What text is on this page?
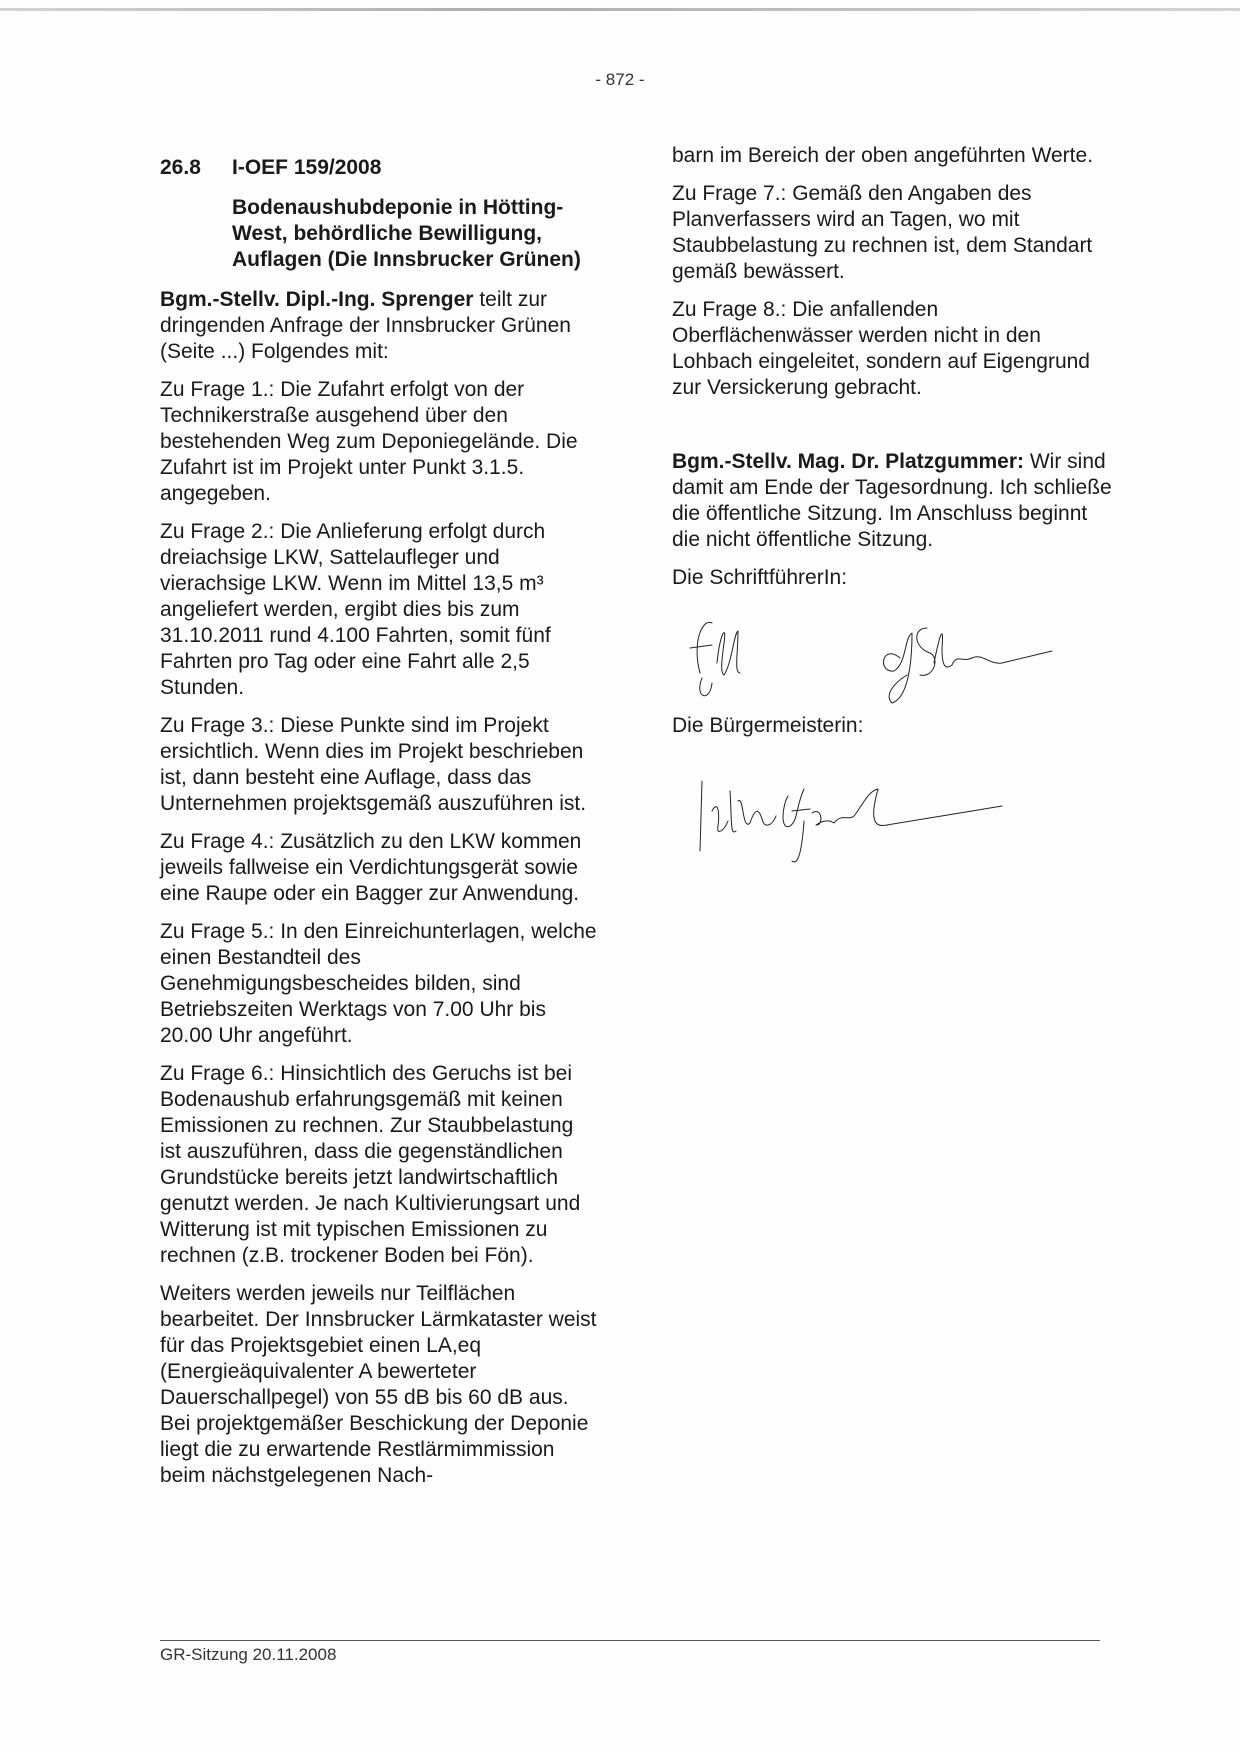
- 872 -
26.8 I-OEF 159/2008
Bodenaushubdeponie in Hötting-West, behördliche Bewilligung, Auflagen (Die Innsbrucker Grünen)

Bgm.-Stellv. Dipl.-Ing. Sprenger teilt zur dringenden Anfrage der Innsbrucker Grünen (Seite ...) Folgendes mit:

Zu Frage 1.: Die Zufahrt erfolgt von der Technikerstraße ausgehend über den bestehenden Weg zum Deponiegelände. Die Zufahrt ist im Projekt unter Punkt 3.1.5. angegeben.

Zu Frage 2.: Die Anlieferung erfolgt durch dreiachsige LKW, Sattelaufleger und vierachsige LKW. Wenn im Mittel 13,5 m³ angeliefert werden, ergibt dies bis zum 31.10.2011 rund 4.100 Fahrten, somit fünf Fahrten pro Tag oder eine Fahrt alle 2,5 Stunden.

Zu Frage 3.: Diese Punkte sind im Projekt ersichtlich. Wenn dies im Projekt beschrieben ist, dann besteht eine Auflage, dass das Unternehmen projektsgemäß auszuführen ist.

Zu Frage 4.: Zusätzlich zu den LKW kommen jeweils fallweise ein Verdichtungsgerät sowie eine Raupe oder ein Bagger zur Anwendung.

Zu Frage 5.: In den Einreichunterlagen, welche einen Bestandteil des Genehmigungsbescheides bilden, sind Betriebszeiten Werktags von 7.00 Uhr bis 20.00 Uhr angeführt.

Zu Frage 6.: Hinsichtlich des Geruchs ist bei Bodenaushub erfahrungsgemäß mit keinen Emissionen zu rechnen. Zur Staubbelastung ist auszuführen, dass die gegenständlichen Grundstücke bereits jetzt landwirtschaftlich genutzt werden. Je nach Kultivierungsart und Witterung ist mit typischen Emissionen zu rechnen (z.B. trockener Boden bei Fön).

Weiters werden jeweils nur Teilflächen bearbeitet. Der Innsbrucker Lärmkataster weist für das Projektsgebiet einen LA,eq (Energieäquivalenter A bewerteter Dauerschallpegel) von 55 dB bis 60 dB aus. Bei projektgemäßer Beschickung der Deponie liegt die zu erwartende Restlärmimmission beim nächstgelegenen Nach-

barn im Bereich der oben angeführten Werte.

Zu Frage 7.: Gemäß den Angaben des Planverfassers wird an Tagen, wo mit Staubbelastung zu rechnen ist, dem Standart gemäß bewässert.

Zu Frage 8.: Die anfallenden Oberflächenwässer werden nicht in den Lohbach eingeleitet, sondern auf Eigengrund zur Versickerung gebracht.

Bgm.-Stellv. Mag. Dr. Platzgummer: Wir sind damit am Ende der Tagesordnung. Ich schließe die öffentliche Sitzung. Im Anschluss beginnt die nicht öffentliche Sitzung.

Die SchriftführerIn:

Die Bürgermeisterin:

GR-Sitzung 20.11.2008
